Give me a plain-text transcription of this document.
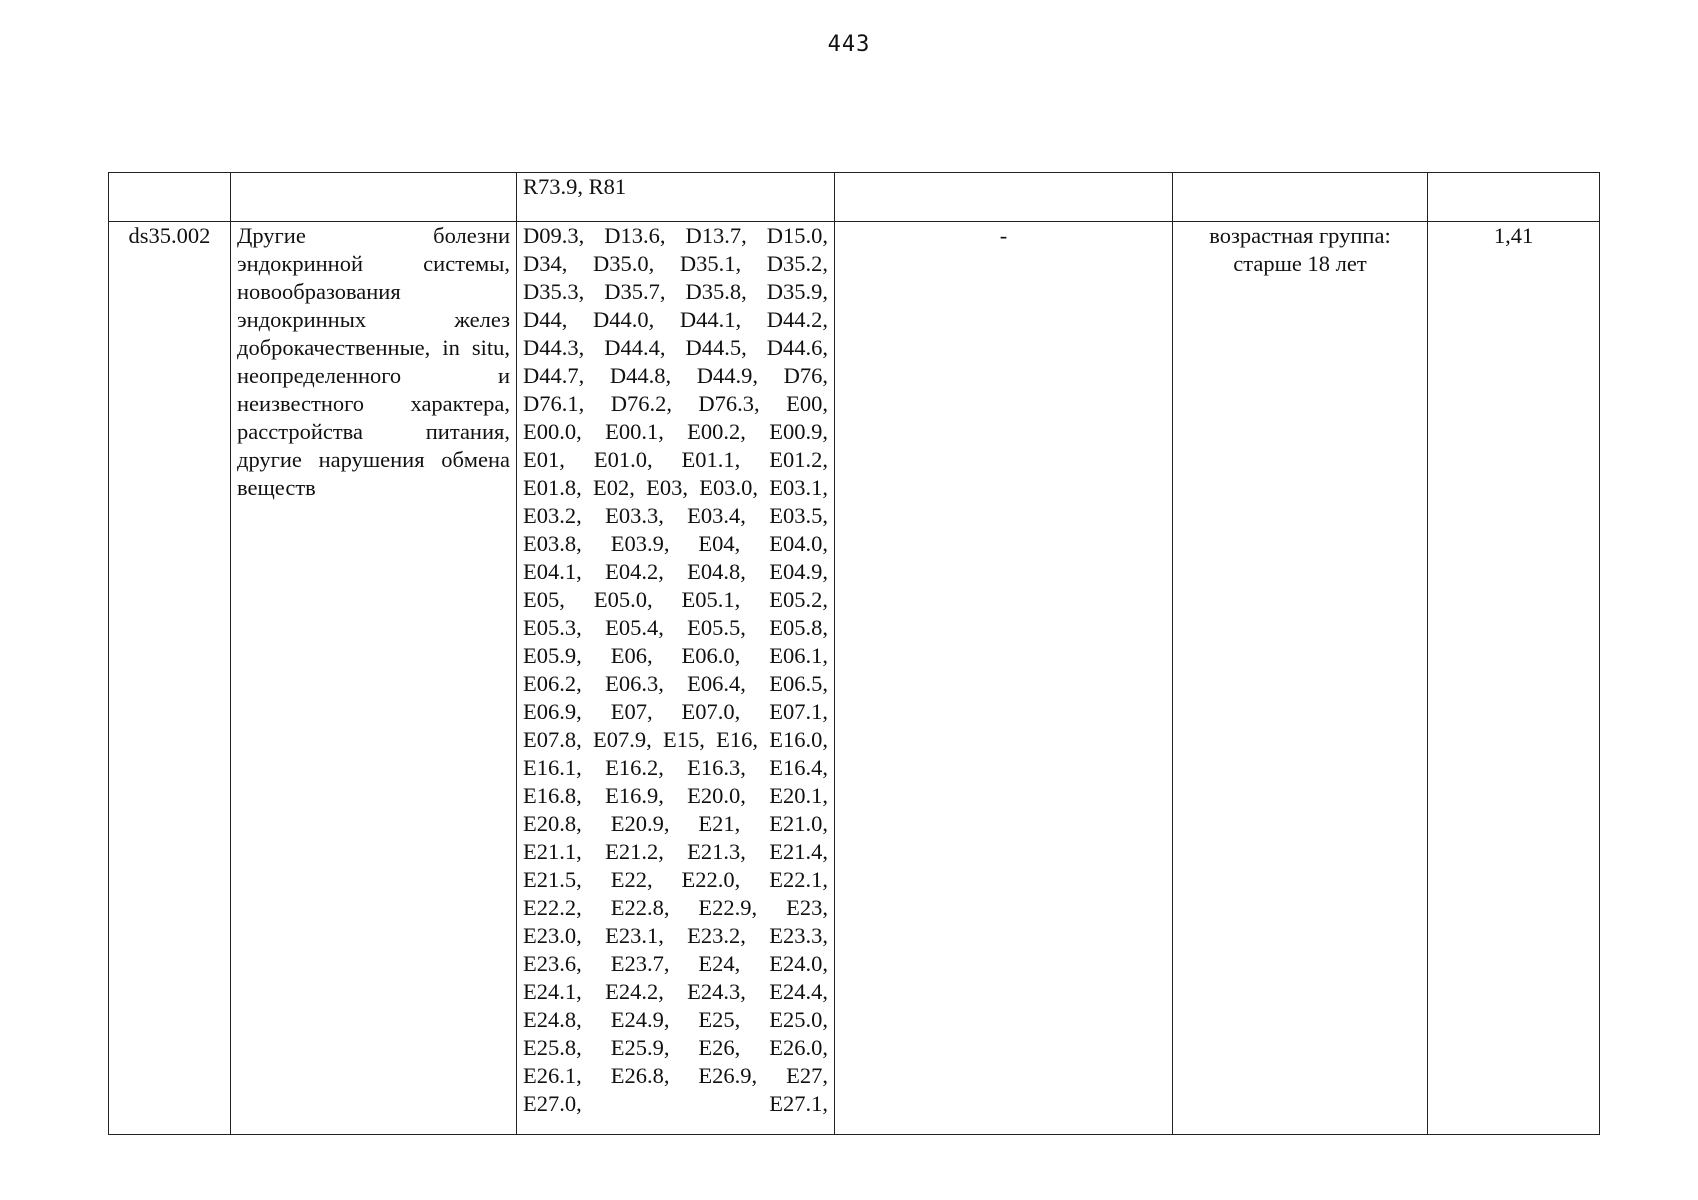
443
		R73.9, R81			
ds35.002	Другие болезни эндокринной системы, новообразования эндокринных желез доброкачественные, in situ, неопределенного и неизвестного характера, расстройства питания, другие нарушения обмена веществ	D09.3, D13.6, D13.7, D15.0, D34, D35.0, D35.1, D35.2, D35.3, D35.7, D35.8, D35.9, D44, D44.0, D44.1, D44.2, D44.3, D44.4, D44.5, D44.6, D44.7, D44.8, D44.9, D76, D76.1, D76.2, D76.3, E00, E00.0, E00.1, E00.2, E00.9, E01, E01.0, E01.1, E01.2, E01.8, E02, E03, E03.0, E03.1, E03.2, E03.3, E03.4, E03.5, E03.8, E03.9, E04, E04.0, E04.1, E04.2, E04.8, E04.9, E05, E05.0, E05.1, E05.2, E05.3, E05.4, E05.5, E05.8, E05.9, E06, E06.0, E06.1, E06.2, E06.3, E06.4, E06.5, E06.9, E07, E07.0, E07.1, E07.8, E07.9, E15, E16, E16.0, E16.1, E16.2, E16.3, E16.4, E16.8, E16.9, E20.0, E20.1, E20.8, E20.9, E21, E21.0, E21.1, E21.2, E21.3, E21.4, E21.5, E22, E22.0, E22.1, E22.2, E22.8, E22.9, E23, E23.0, E23.1, E23.2, E23.3, E23.6, E23.7, E24, E24.0, E24.1, E24.2, E24.3, E24.4, E24.8, E24.9, E25, E25.0, E25.8, E25.9, E26, E26.0, E26.1, E26.8, E26.9, E27, E27.0, E27.1,	-	возрастная группа: старше 18 лет	1,41
